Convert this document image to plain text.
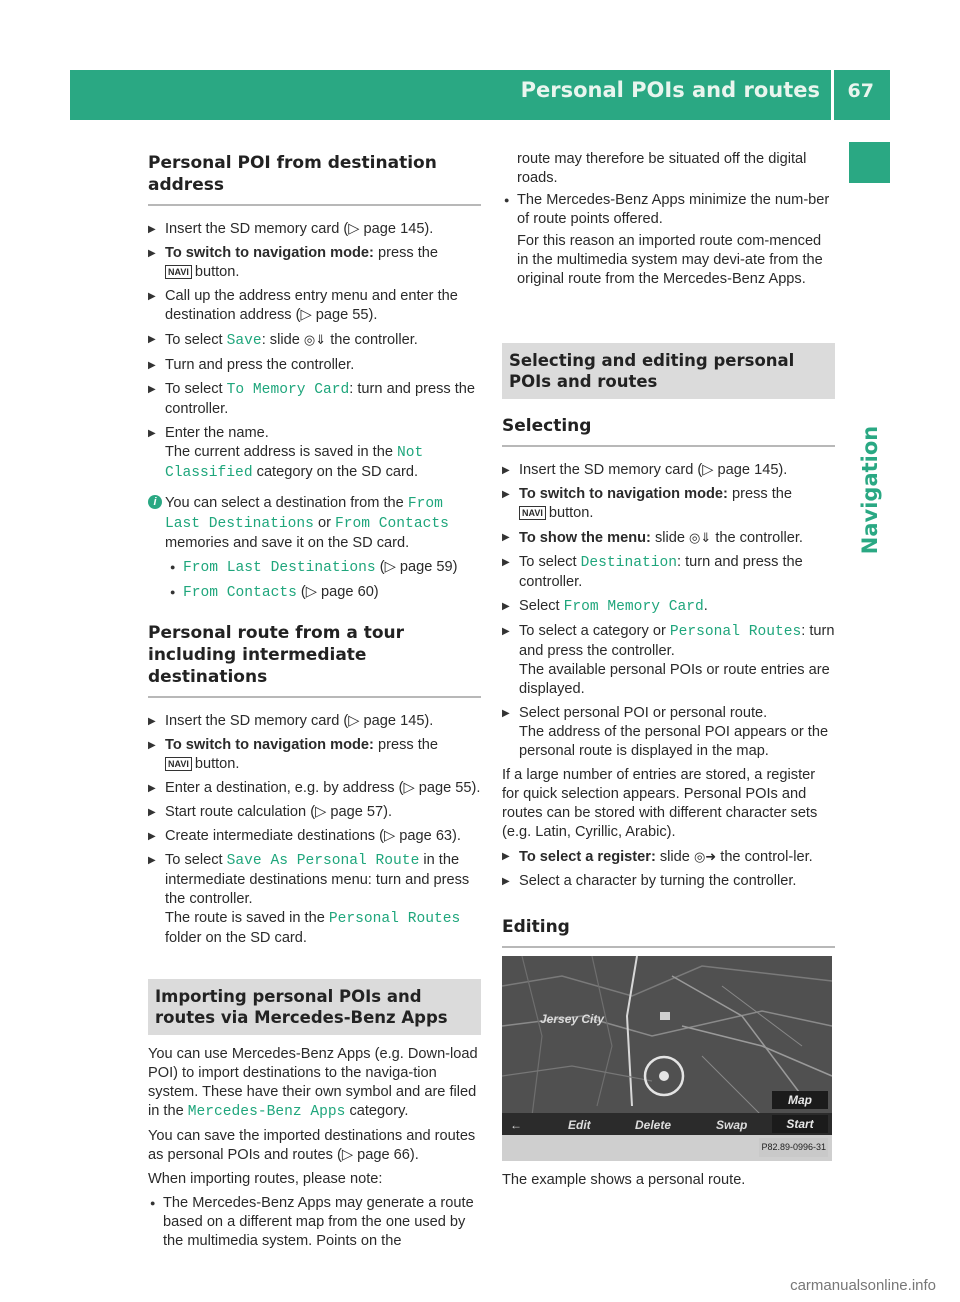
Personal POIs and routes 67
Navigation
Personal POI from destination address
▶ Insert the SD memory card (▷ page 145).
▶ To switch to navigation mode: press the
NAVI button.
▶ Call up the address entry menu and enter the destination address (▷ page 55).
▶ To select Save: slide ◎⇓ the controller.
▶ Turn and press the controller.
▶ To select To Memory Card: turn and press the controller.
▶ Enter the name.
The current address is saved in the Not Classified category on the SD card.
i You can select a destination from the From Last Destinations or From Contacts memories and save it on the SD card.
● From Last Destinations (▷ page 59)
● From Contacts (▷ page 60)
Personal route from a tour including intermediate destinations
▶ Insert the SD memory card (▷ page 145).
▶ To switch to navigation mode: press the
NAVI button.
▶ Enter a destination, e.g. by address (▷ page 55).
▶ Start route calculation (▷ page 57).
▶ Create intermediate destinations (▷ page 63).
▶ To select Save As Personal Route in the intermediate destinations menu: turn and press the controller.
The route is saved in the Personal Routes folder on the SD card.
Importing personal POIs and routes via Mercedes-Benz Apps

You can use Mercedes-Benz Apps (e.g. Down-load POI) to import destinations to the naviga-tion system. These have their own symbol and are filed in the Mercedes-Benz Apps category.

You can save the imported destinations and routes as personal POIs and routes (▷ page 66).

When importing routes, please note:

● The Mercedes-Benz Apps may generate a route based on a different map from the one used by the multimedia system. Points on the

route may therefore be situated off the digital roads.

● The Mercedes-Benz Apps minimize the num-ber of route points offered.

For this reason an imported route com-menced in the multimedia system may devi-ate from the original route from the Mercedes-Benz Apps.

Selecting and editing personal POIs and routes
Selecting
▶ Insert the SD memory card (▷ page 145).
▶ To switch to navigation mode: press the
NAVI button.
▶ To show the menu: slide ◎⇓ the controller.
▶ To select Destination: turn and press the controller.
▶ Select From Memory Card.
▶ To select a category or Personal Routes: turn and press the controller.
The available personal POIs or route entries are displayed.
▶ Select personal POI or personal route.
The address of the personal POI appears or the personal route is displayed in the map.

If a large number of entries are stored, a register for quick selection appears. Personal POIs and routes can be stored with different character sets (e.g. Latin, Cyrillic, Arabic).

▶ To select a register: slide ◎➜ the control-ler.
▶ Select a character by turning the controller.
Editing
Jersey City
Map
←	Edit	Delete	Swap	Start
P82.89-0996-31

The example shows a personal route.

carmanualsonline.info
